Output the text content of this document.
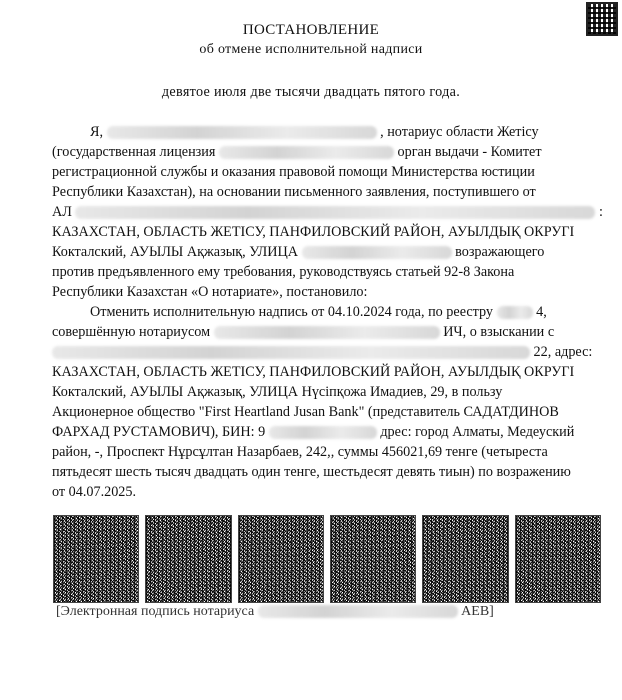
ПОСТАНОВЛЕНИЕ
об отмене исполнительной надписи
девятое июля две тысячи двадцать пятого года.
Я,	, нотариус области Жетісу
(государственная лицензия	орган выдачи - Комитет
регистрационной службы и оказания правовой помощи Министерства юстиции
Республики Казахстан), на основании письменного заявления, поступившего от
АЛ	:
КАЗАХСТАН, ОБЛАСТЬ ЖЕТІСУ, ПАНФИЛОВСКИЙ РАЙОН, АУЫЛДЫҚ ОКРУГІ
Кокталский, АУЫЛЫ Ақжазық, УЛИЦА	возражающего
против предъявленного ему требования, руководствуясь статьей 92-8 Закона
Республики Казахстан «О нотариате», постановило:
Отменить исполнительную надпись от 04.10.2024 года, по реестру	4,
совершённую нотариусом	ИЧ, о взыскании с
22, адрес:
КАЗАХСТАН, ОБЛАСТЬ ЖЕТІСУ, ПАНФИЛОВСКИЙ РАЙОН, АУЫЛДЫҚ ОКРУГІ
Кокталский, АУЫЛЫ Ақжазық, УЛИЦА Нүсіпқожа Имадиев, 29, в пользу
Акционерное общество "First Heartland Jusan Bank" (представитель САДАТДИНОВ
ФАРХАД РУСТАМОВИЧ), БИН: 9	дрес: город Алматы, Медеуский
район, -, Проспект Нұрсұлтан Назарбаев, 242,, суммы 456021,69 тенге (четыреста
пятьдесят шесть тысяч двадцать один тенге, шестьдесят девять тиын) по возражению
от 04.07.2025.
[Электронная подпись нотариуса	АЕВ]
